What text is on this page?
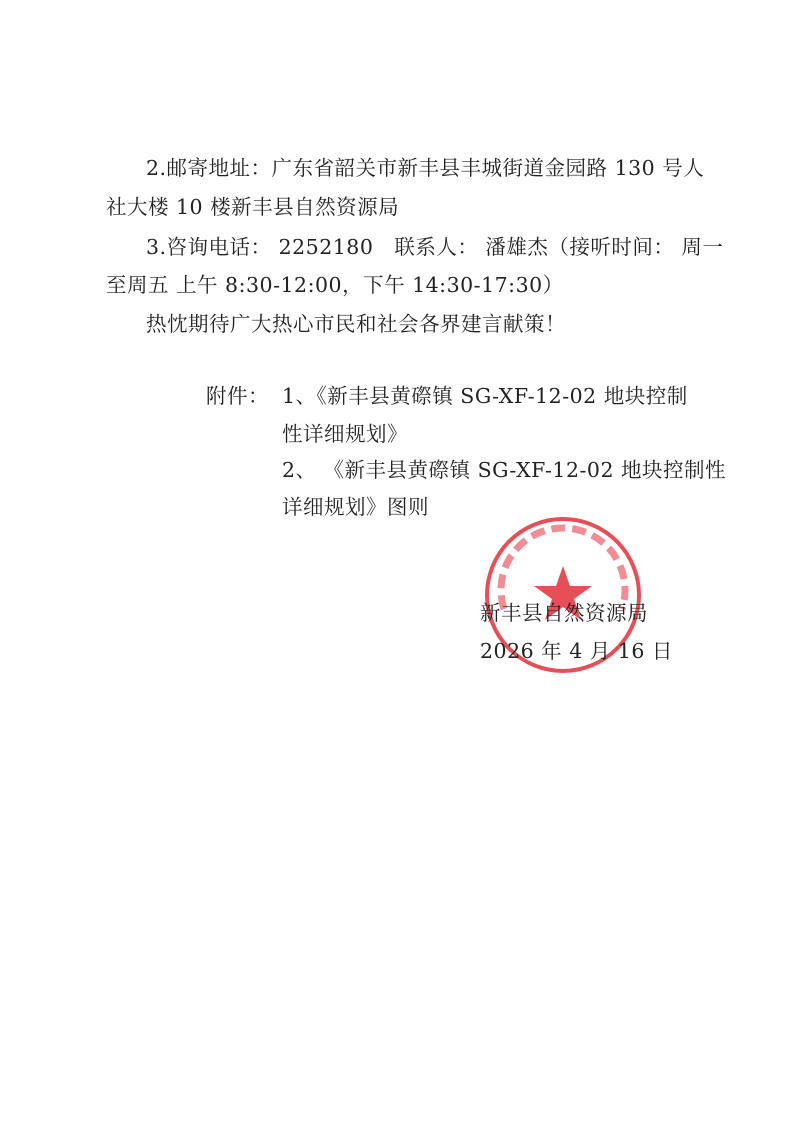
2.邮寄地址：广东省韶关市新丰县丰城街道金园路 130 号人
社大楼 10 楼新丰县自然资源局
3.咨询电话： 2252180　联系人： 潘雄杰（接听时间： 周一
至周五 上午 8:30-12:00，下午 14:30-17:30）
热忱期待广大热心市民和社会各界建言献策！
附件： 1、《新丰县黄磜镇 SG-XF-12-02 地块控制
性详细规划》
2、 《新丰县黄磜镇 SG-XF-12-02 地块控制性
详细规划》图则
新丰县自然资源局
2026 年 4 月 16 日
